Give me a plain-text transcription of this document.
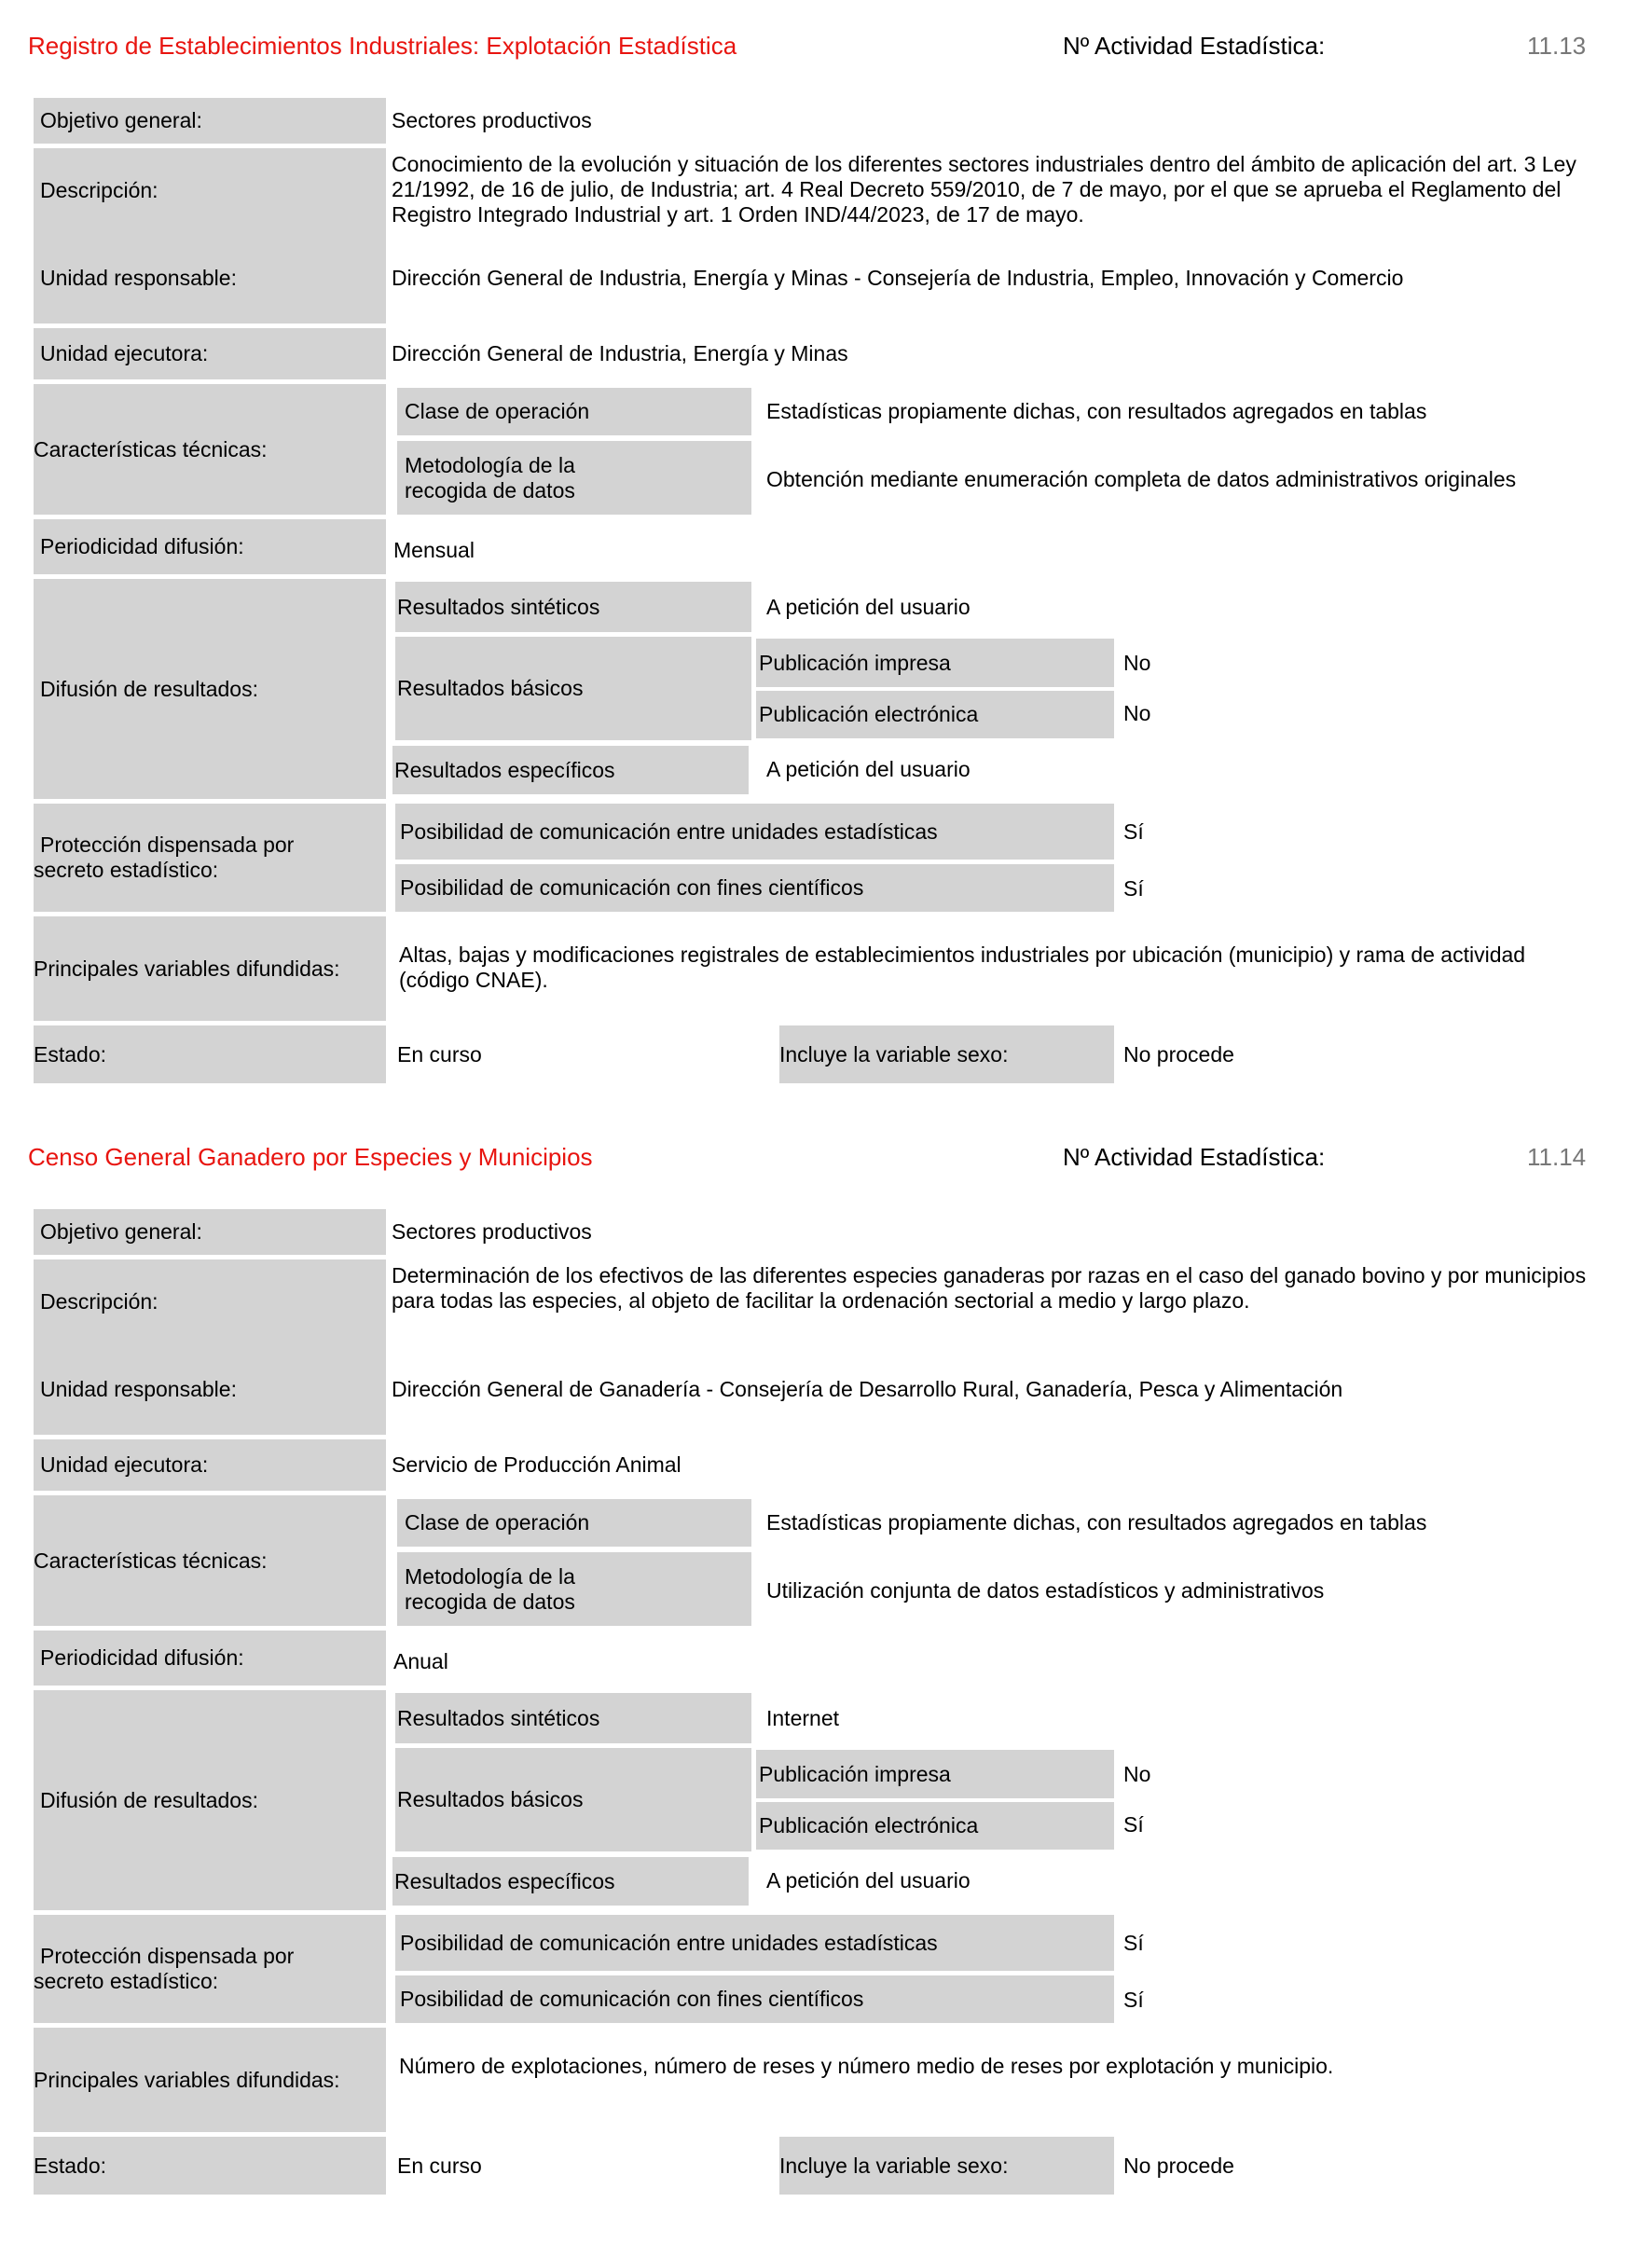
Registro de Establecimientos Industriales: Explotación Estadística	Nº Actividad Estadística:	11.13
Objetivo general:	Sectores productivos
Descripción:
Conocimiento de la evolución y situación de los diferentes sectores industriales dentro del ámbito de aplicación del art. 3 Ley 21/1992, de 16 de julio, de Industria; art. 4 Real Decreto 559/2010, de 7 de mayo, por el que se aprueba el Reglamento del Registro Integrado Industrial y art. 1 Orden IND/44/2023, de 17 de mayo.
Unidad responsable:	Dirección General de Industria, Energía y Minas - Consejería de Industria, Empleo, Innovación y Comercio
Unidad ejecutora:	Dirección General de Industria, Energía y Minas
Características técnicas:
Clase de operación	Estadísticas propiamente dichas, con resultados agregados en tablas
Metodología de la recogida de datos	Obtención mediante enumeración completa de datos administrativos originales
Periodicidad difusión:	Mensual
Difusión de resultados:
Resultados sintéticos	A petición del usuario
Resultados básicos
Publicación impresa	No
Publicación electrónica	No
Resultados específicos	A petición del usuario
Protección dispensada por secreto estadístico:
Posibilidad de comunicación entre unidades estadísticas	Sí
Posibilidad de comunicación con fines científicos	Sí
Principales variables difundidas:
Altas, bajas y modificaciones registrales de establecimientos industriales por ubicación (municipio) y rama de actividad (código CNAE).
Estado:	En curso	Incluye la variable sexo:	No procede
Censo General Ganadero por Especies y Municipios	Nº Actividad Estadística:	11.14
Objetivo general:	Sectores productivos
Descripción:
Determinación de los efectivos de las diferentes especies ganaderas por razas en el caso del ganado bovino y por municipios para todas las especies, al objeto de facilitar la ordenación sectorial a medio y largo plazo.
Unidad responsable:	Dirección General de Ganadería - Consejería de Desarrollo Rural, Ganadería, Pesca y Alimentación
Unidad ejecutora:	Servicio de Producción Animal
Características técnicas:
Clase de operación	Estadísticas propiamente dichas, con resultados agregados en tablas
Metodología de la recogida de datos	Utilización conjunta de datos estadísticos y administrativos
Periodicidad difusión:	Anual
Difusión de resultados:
Resultados sintéticos	Internet
Resultados básicos
Publicación impresa	No
Publicación electrónica	Sí
Resultados específicos	A petición del usuario
Protección dispensada por secreto estadístico:
Posibilidad de comunicación entre unidades estadísticas	Sí
Posibilidad de comunicación con fines científicos	Sí
Principales variables difundidas:
Número de explotaciones, número de reses y número medio de reses por explotación y municipio.
Estado:	En curso	Incluye la variable sexo:	No procede
